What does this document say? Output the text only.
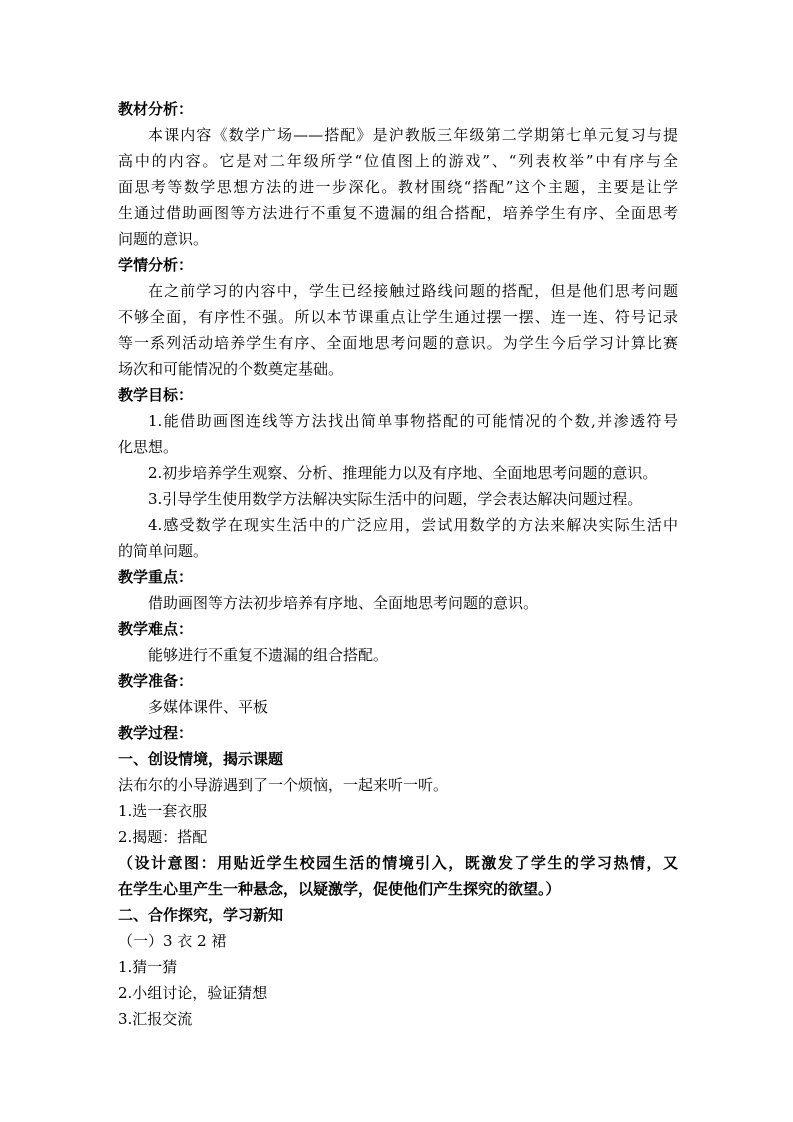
教材分析：
本课内容《数学广场——搭配》是沪教版三年级第二学期第七单元复习与提
高中的内容。它是对二年级所学“位值图上的游戏”、“列表枚举”中有序与全
面思考等数学思想方法的进一步深化。教材围绕“搭配”这个主题，主要是让学
生通过借助画图等方法进行不重复不遗漏的组合搭配，培养学生有序、全面思考
问题的意识。
学情分析：
在之前学习的内容中，学生已经接触过路线问题的搭配，但是他们思考问题
不够全面，有序性不强。所以本节课重点让学生通过摆一摆、连一连、符号记录
等一系列活动培养学生有序、全面地思考问题的意识。为学生今后学习计算比赛
场次和可能情况的个数奠定基础。
教学目标：
1.能借助画图连线等方法找出简单事物搭配的可能情况的个数,并渗透符号
化思想。
2.初步培养学生观察、分析、推理能力以及有序地、全面地思考问题的意识。
3.引导学生使用数学方法解决实际生活中的问题，学会表达解决问题过程。
4.感受数学在现实生活中的广泛应用，尝试用数学的方法来解决实际生活中
的简单问题。
教学重点：
借助画图等方法初步培养有序地、全面地思考问题的意识。
教学难点：
能够进行不重复不遗漏的组合搭配。
教学准备：
多媒体课件、平板
教学过程：
一、创设情境，揭示课题
法布尔的小导游遇到了一个烦恼，一起来听一听。
1.选一套衣服
2.揭题：搭配
（设计意图：用贴近学生校园生活的情境引入，既激发了学生的学习热情，又
在学生心里产生一种悬念，以疑激学，促使他们产生探究的欲望。）
二、合作探究，学习新知
（一）3 衣 2 裙
1.猜一猜
2.小组讨论，验证猜想
3.汇报交流
